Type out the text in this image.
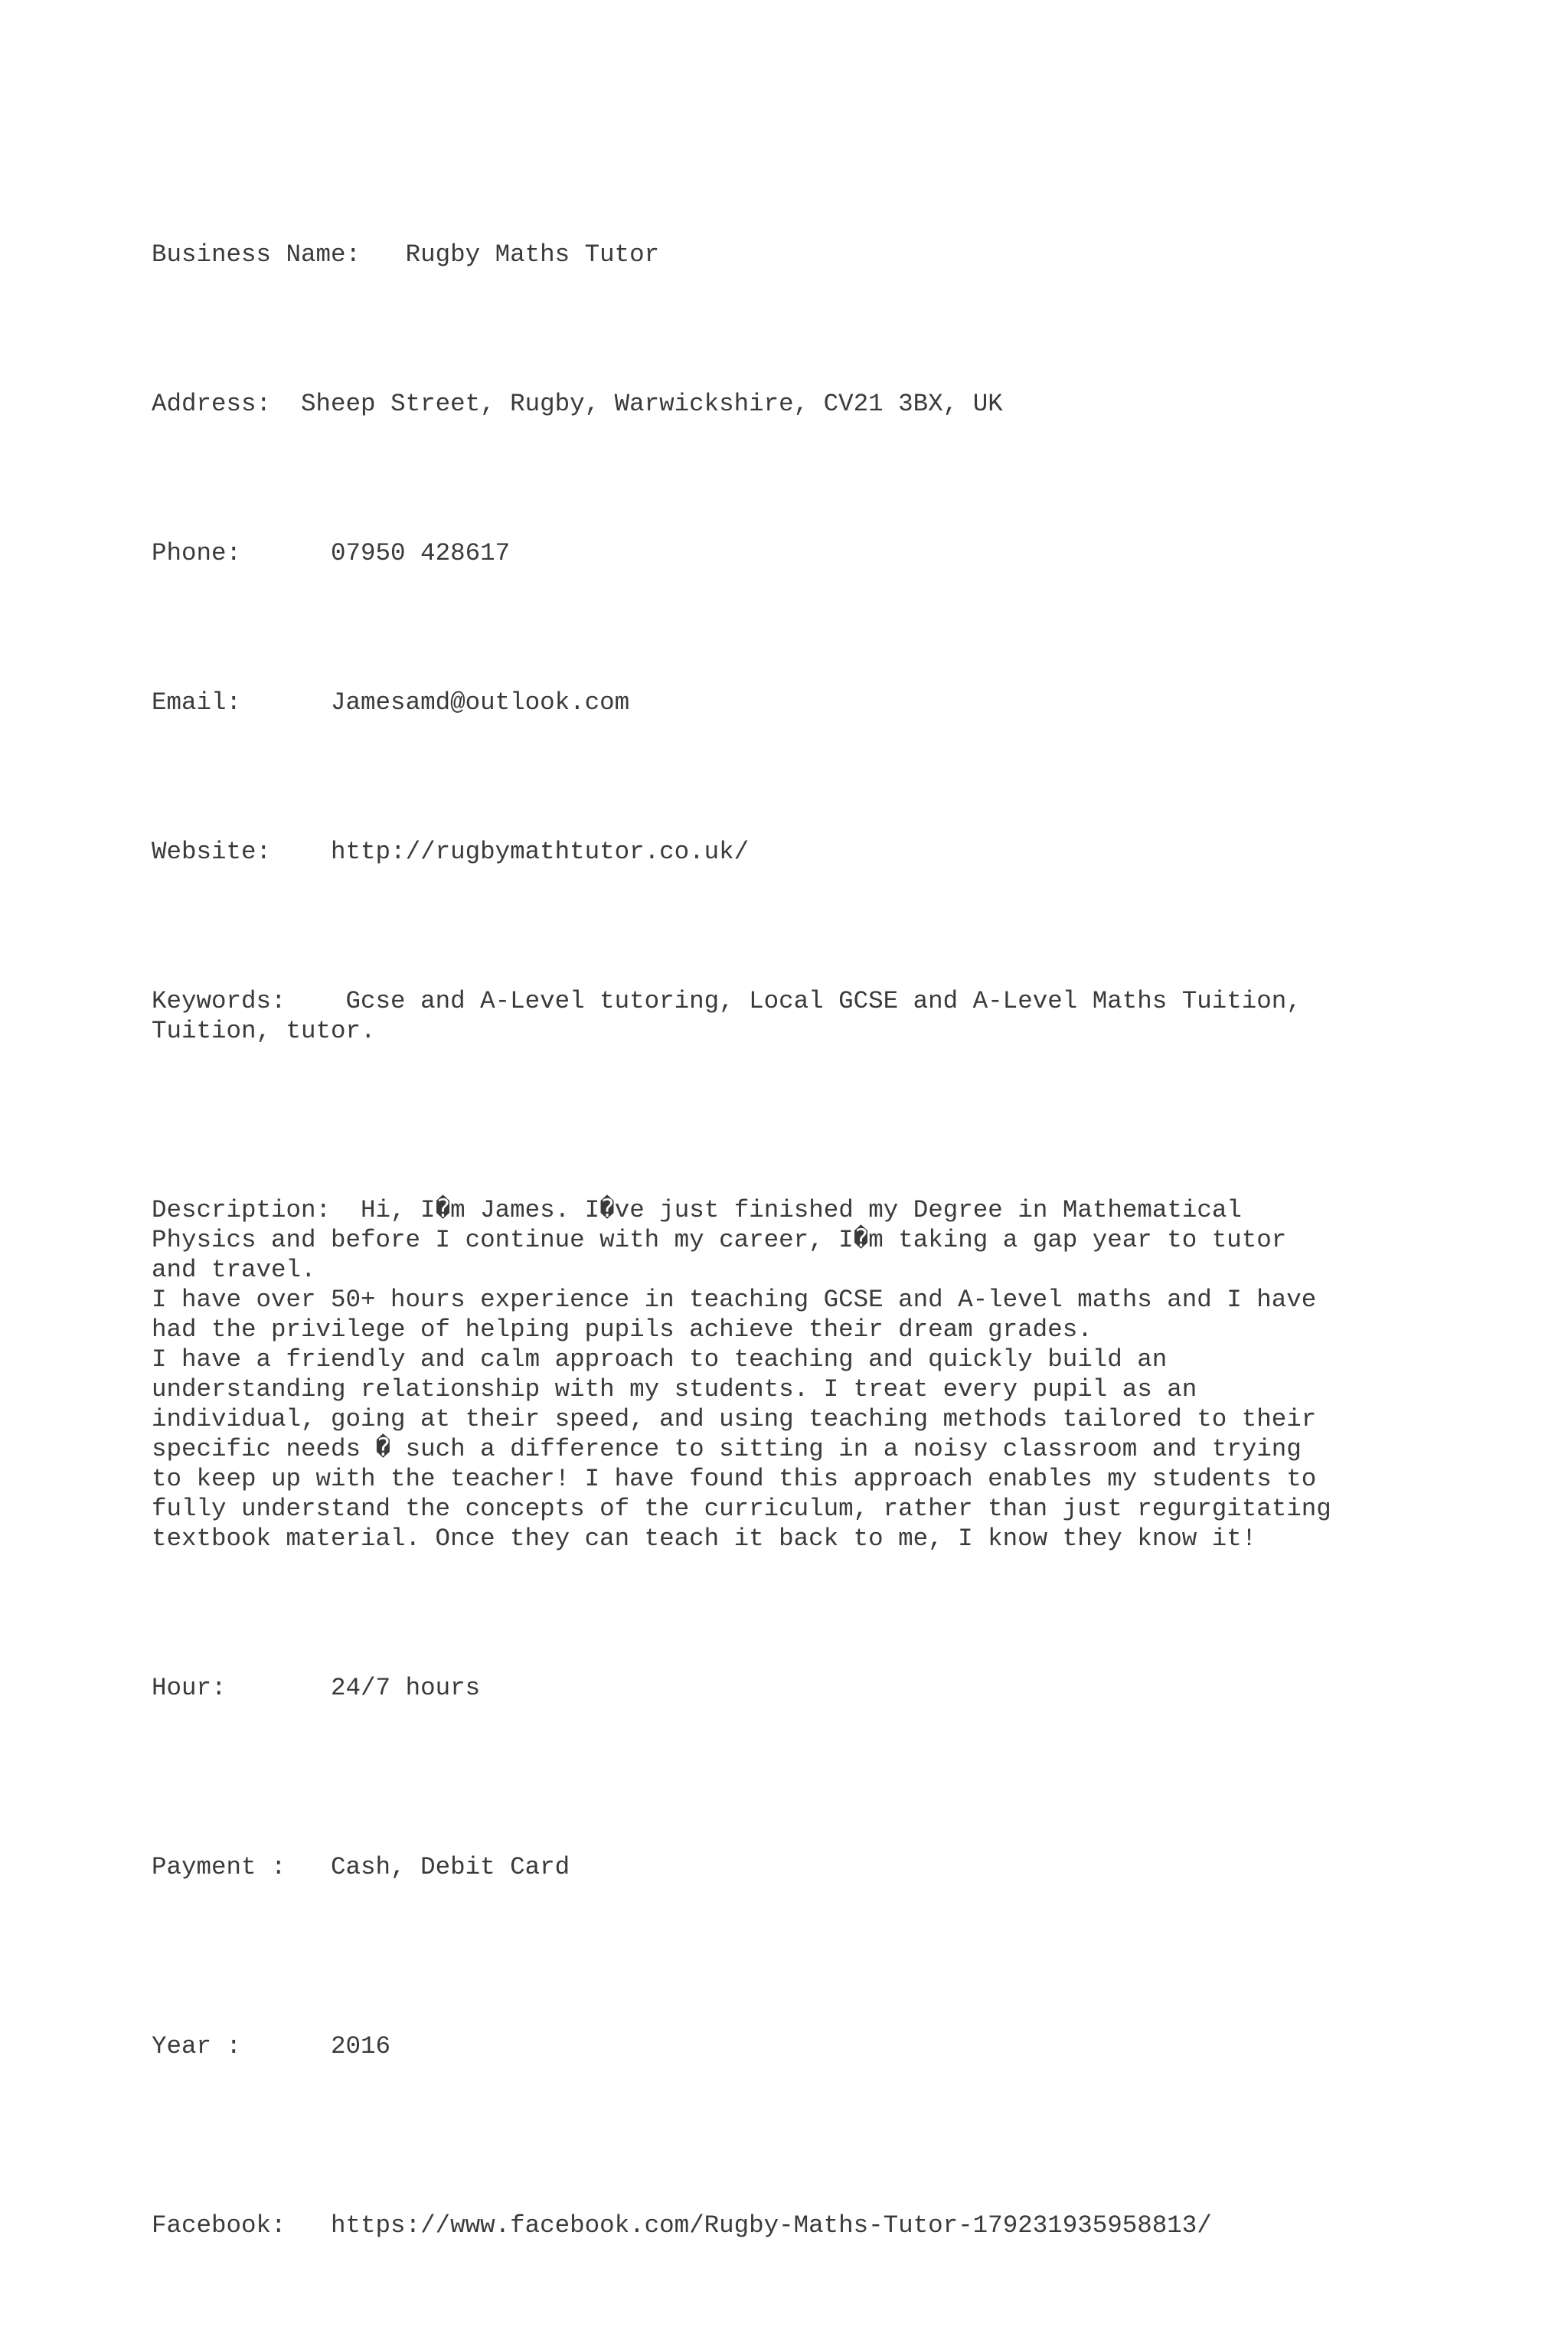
Business Name:   Rugby Maths Tutor

Address:  Sheep Street, Rugby, Warwickshire, CV21 3BX, UK

Phone:      07950 428617

Email:      Jamesamd@outlook.com

Website:    http://rugbymathtutor.co.uk/

Keywords:    Gcse and A-Level tutoring, Local GCSE and A-Level Maths Tuition,
Tuition, tutor.

Description:  Hi, I�m James. I�ve just finished my Degree in Mathematical
Physics and before I continue with my career, I�m taking a gap year to tutor
and travel.
I have over 50+ hours experience in teaching GCSE and A-level maths and I have
had the privilege of helping pupils achieve their dream grades.
I have a friendly and calm approach to teaching and quickly build an
understanding relationship with my students. I treat every pupil as an
individual, going at their speed, and using teaching methods tailored to their
specific needs � such a difference to sitting in a noisy classroom and trying
to keep up with the teacher! I have found this approach enables my students to
fully understand the concepts of the curriculum, rather than just regurgitating
textbook material. Once they can teach it back to me, I know they know it!

Hour:       24/7 hours

Payment :   Cash, Debit Card

Year :      2016

Facebook:   https://www.facebook.com/Rugby-Maths-Tutor-179231935958813/
